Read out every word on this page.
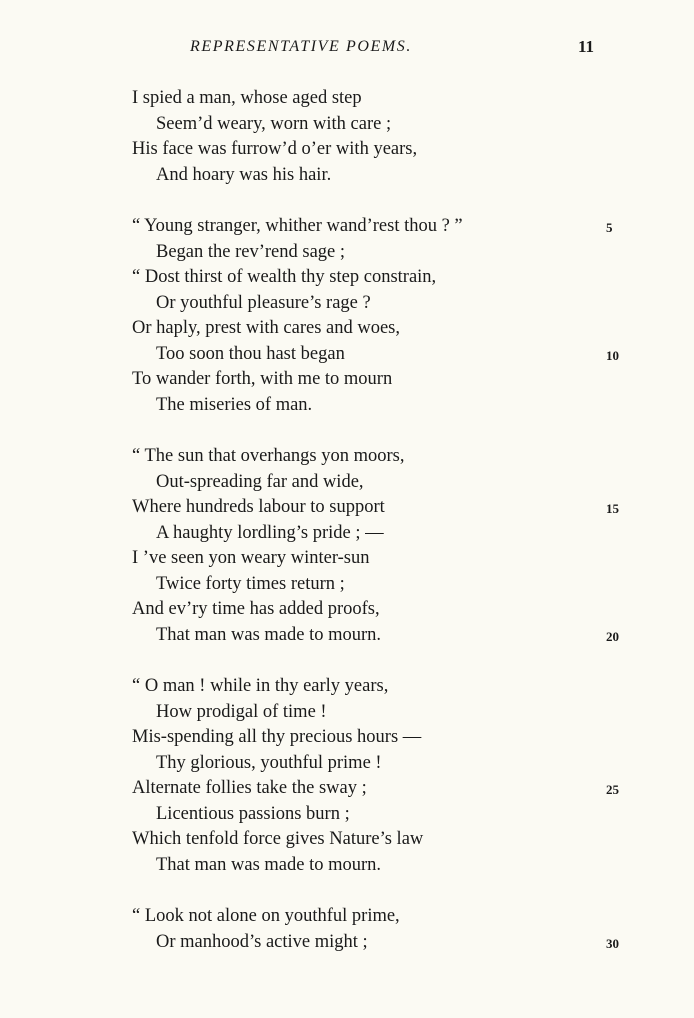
REPRESENTATIVE POEMS.	11
I spied a man, whose aged step
Seem’d weary, worn with care ;
His face was furrow’d o’er with years,
And hoary was his hair.
“ Young stranger, whither wand’rest thou ? ”	5
Began the rev’rend sage ;
“ Dost thirst of wealth thy step constrain,
Or youthful pleasure’s rage ?
Or haply, prest with cares and woes,
Too soon thou hast began	10
To wander forth, with me to mourn
The miseries of man.
“ The sun that overhangs yon moors,
Out-spreading far and wide,
Where hundreds labour to support	15
A haughty lordling’s pride ; —
I ’ve seen yon weary winter-sun
Twice forty times return ;
And ev’ry time has added proofs,
That man was made to mourn.	20
“ O man ! while in thy early years,
How prodigal of time !
Mis-spending all thy precious hours —
Thy glorious, youthful prime !
Alternate follies take the sway ;	25
Licentious passions burn ;
Which tenfold force gives Nature’s law
That man was made to mourn.
“ Look not alone on youthful prime,
Or manhood’s active might ;	30
